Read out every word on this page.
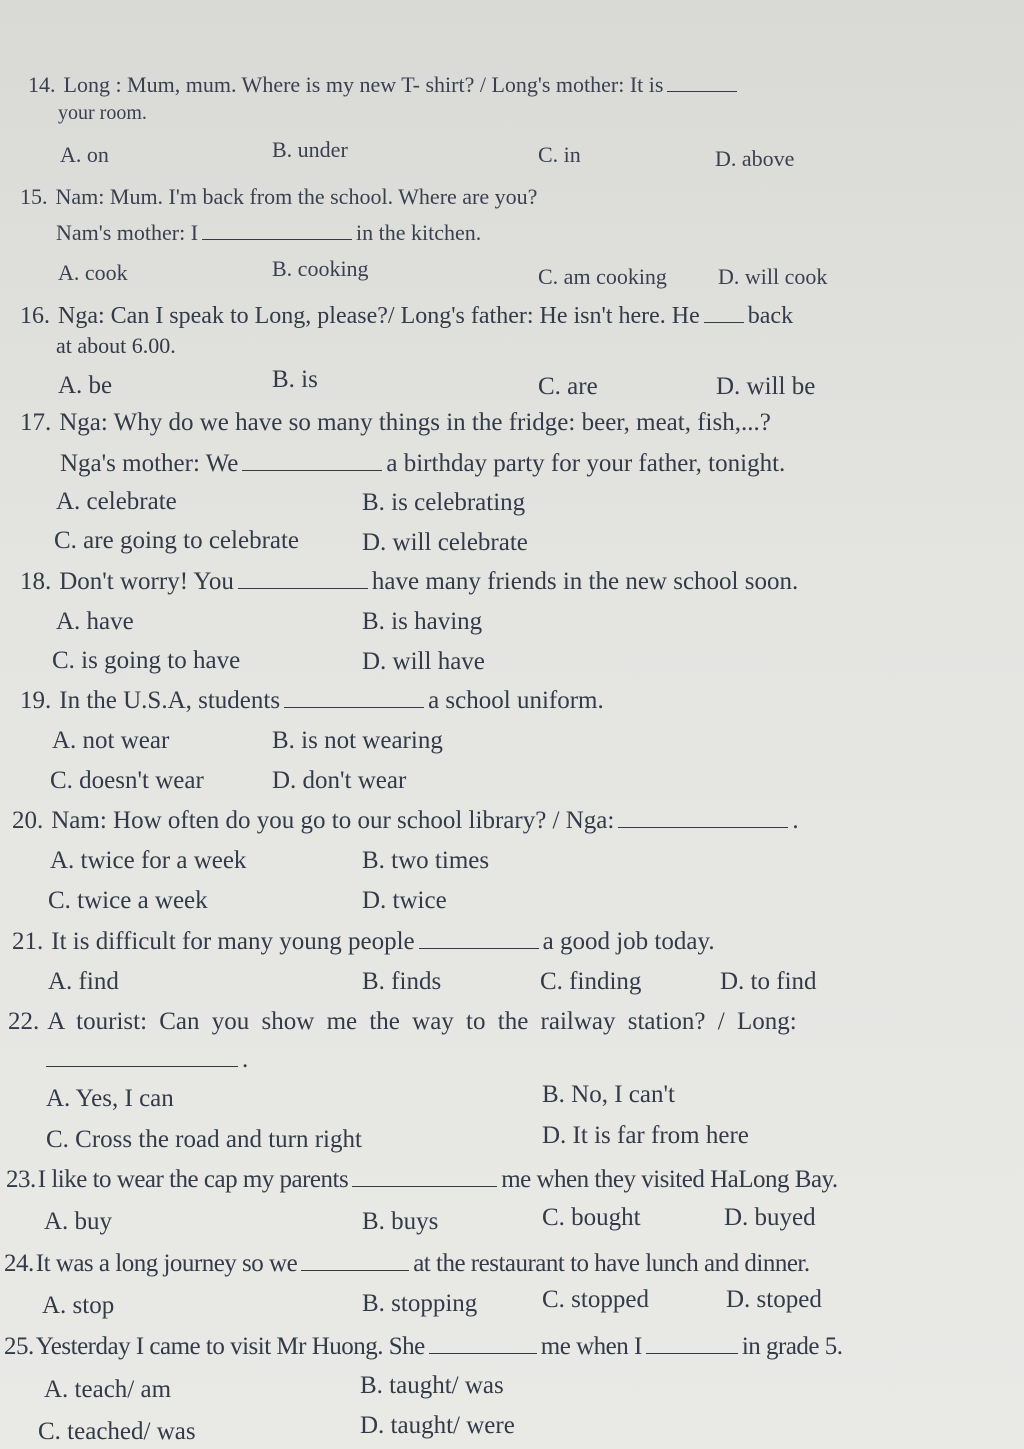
14. Long : Mum, mum. Where is my new T- shirt? / Long's mother: It is
your room.
A. on	B. under	C. in	D. above
15. Nam: Mum. I'm back from the school. Where are you?
Nam's mother: I	in the kitchen.
A. cook	B. cooking	C. am cooking D. will cook
16. Nga: Can I speak to Long, please?/ Long's father: He isn't here. He back
at about 6.00.
A. be	B. is	C. are	D. will be
17. Nga: Why do we have so many things in the fridge: beer, meat, fish,...?
Nga's mother: We	a birthday party for your father, tonight.
A. celebrate	B. is celebrating
C. are going to celebrate	D. will celebrate
18. Don't worry! You	have many friends in the new school soon.
A. have	B. is having
C. is going to have	D. will have
19. In the U.S.A, students	a school uniform.
A. not wear	B. is not wearing
C. doesn't wear	D. don't wear
20. Nam: How often do you go to our school library? / Nga:	.
A. twice for a week	B. two times
C. twice a week	D. twice
21. It is difficult for many young people	a good job today.
A. find	B. finds	C. finding	D. to find
22. A tourist: Can you show me the way to the railway station? / Long:
.
A. Yes, I can	B. No, I can't
C. Cross the road and turn right	D. It is far from here
23.I like to wear the cap my parents	me when they visited HaLong Bay.
A. buy	B. buys	C. bought	D. buyed
24.It was a long journey so we	at the restaurant to have lunch and dinner.
A. stop	B. stopping	C. stopped	D. stoped
25.Yesterday I came to visit Mr Huong. She	me when I	in grade 5.
A. teach/ am	B. taught/ was
C. teached/ was	D. taught/ were
